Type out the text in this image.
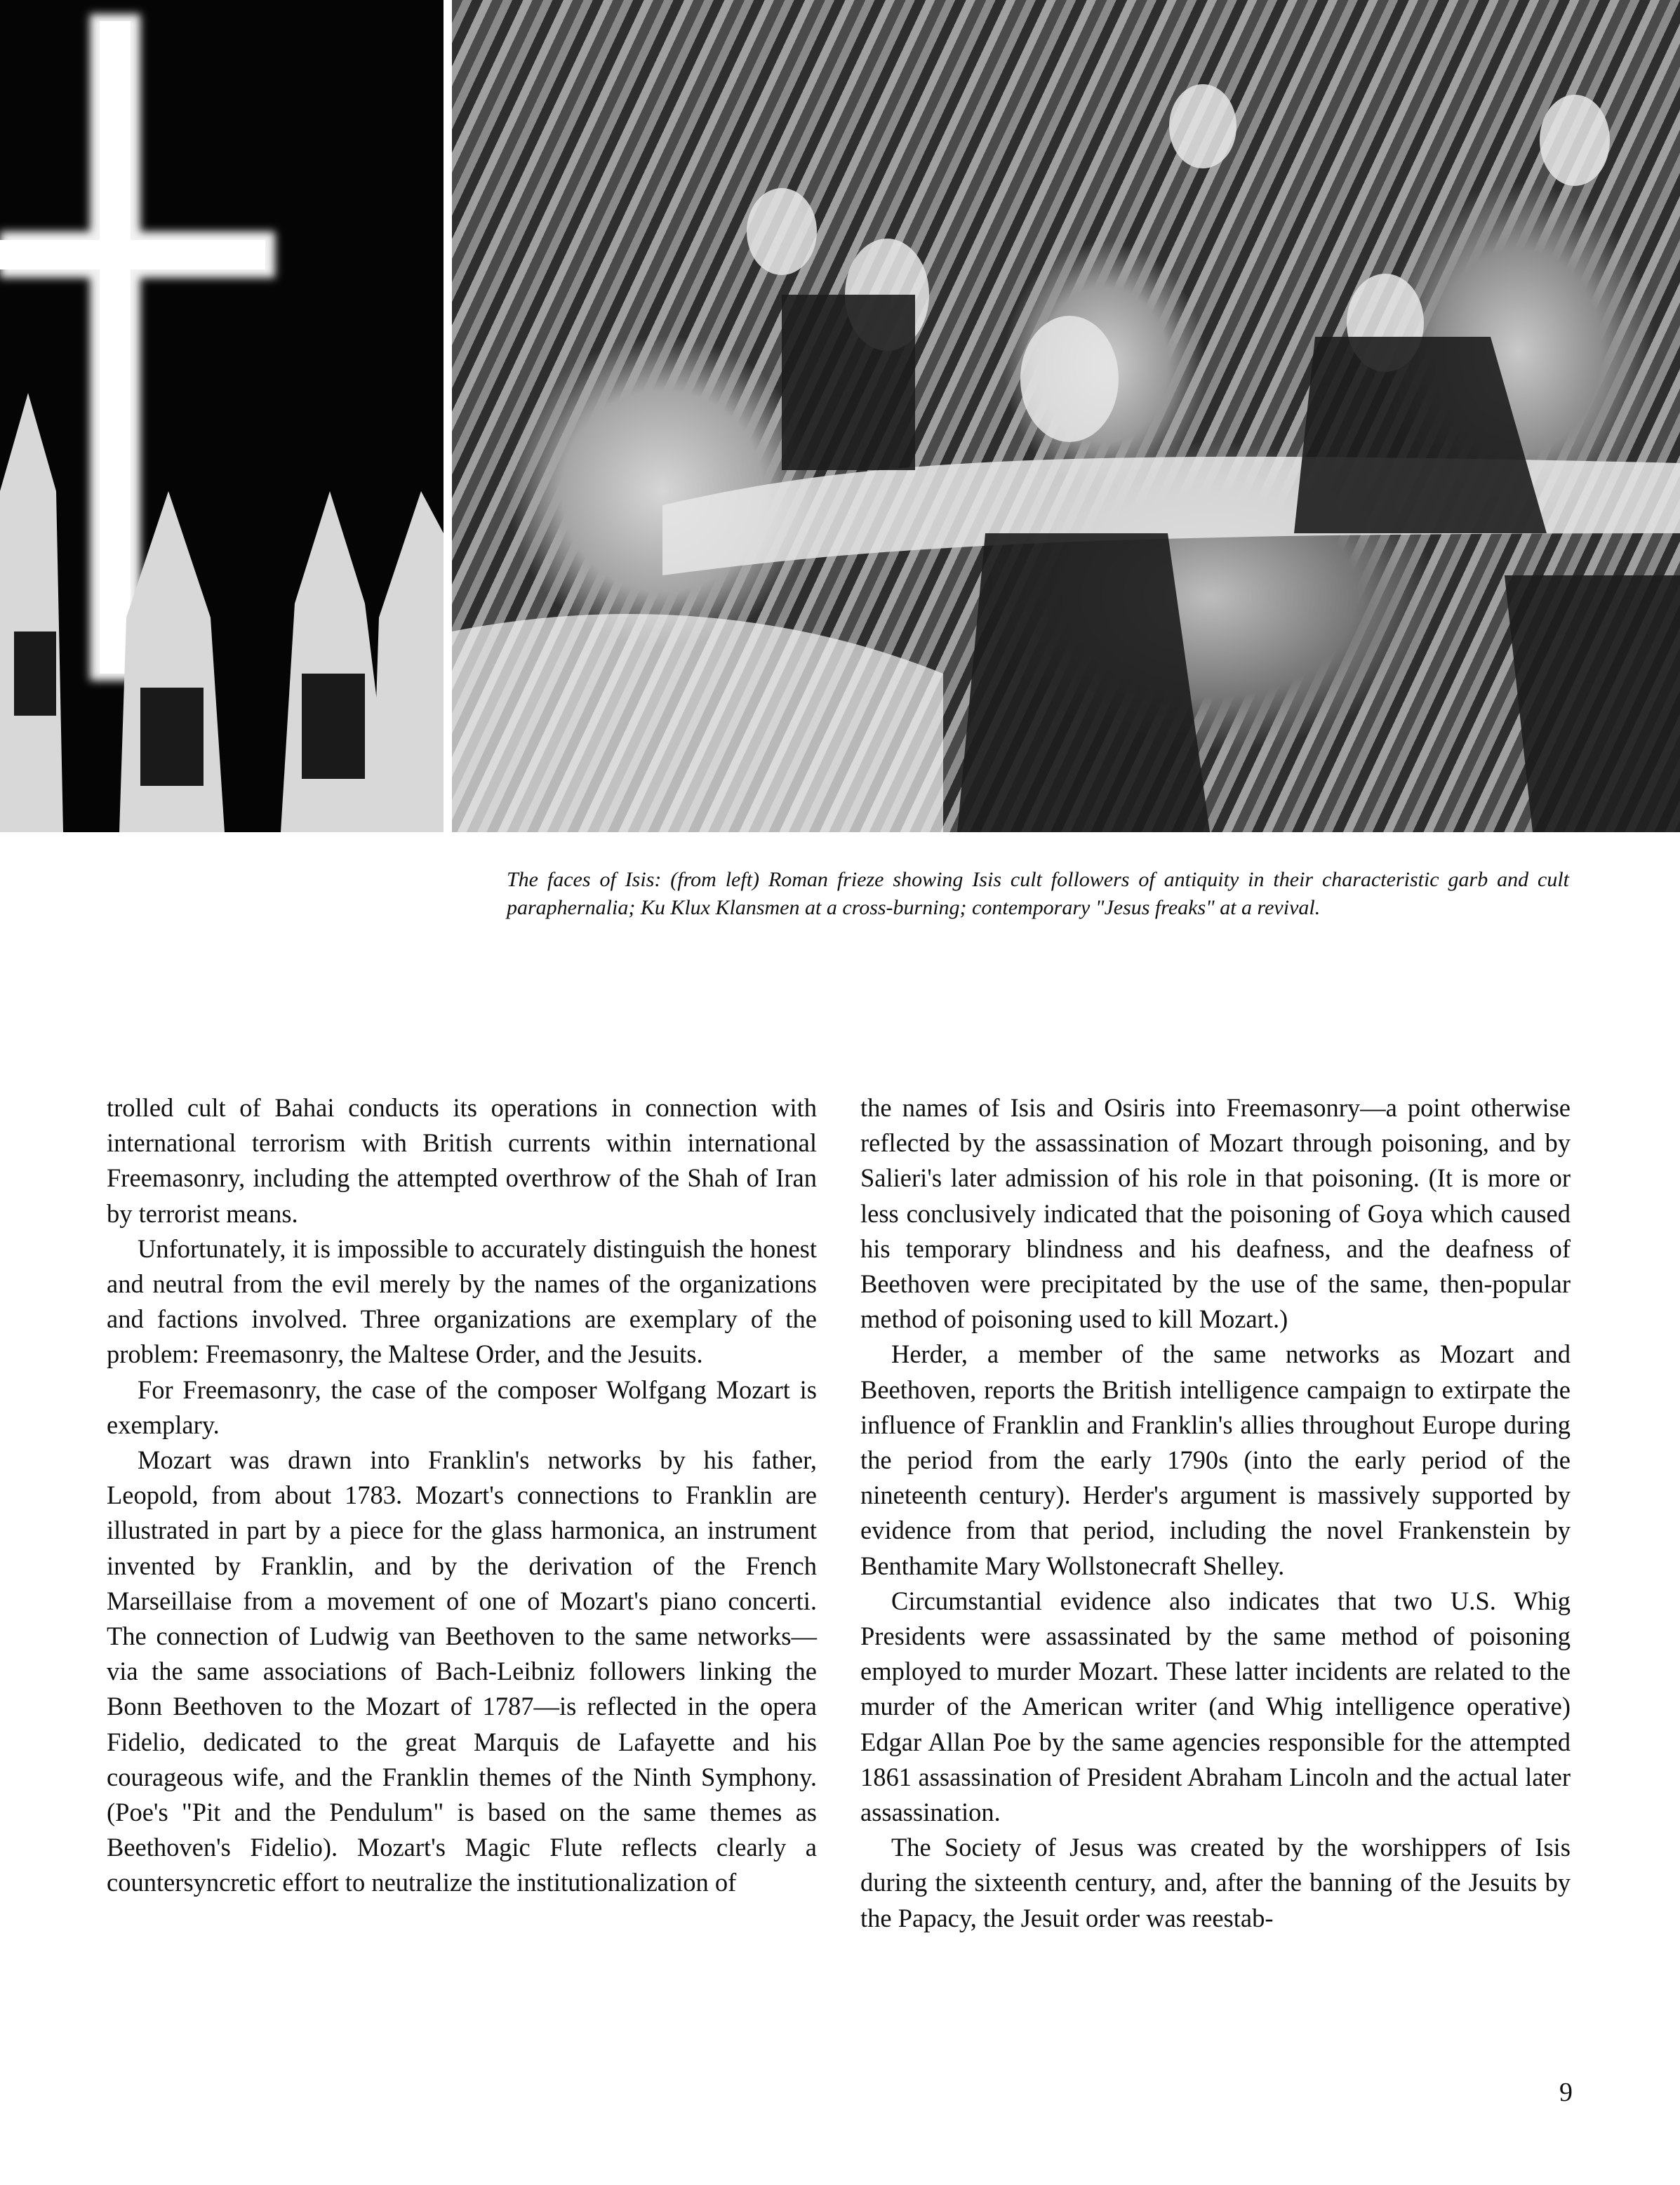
The faces of Isis: (from left) Roman frieze showing Isis cult followers of antiquity in their characteristic garb and cult paraphernalia; Ku Klux Klansmen at a cross-burning; contemporary "Jesus freaks" at a revival.

trolled cult of Bahai conducts its operations in connection with international terrorism with British currents within international Freemasonry, including the attempted overthrow of the Shah of Iran by terrorist means.

Unfortunately, it is impossible to accurately distinguish the honest and neutral from the evil merely by the names of the organizations and factions involved. Three organizations are exemplary of the problem: Freemasonry, the Maltese Order, and the Jesuits.

For Freemasonry, the case of the composer Wolfgang Mozart is exemplary.

Mozart was drawn into Franklin's networks by his father, Leopold, from about 1783. Mozart's connections to Franklin are illustrated in part by a piece for the glass harmonica, an instrument invented by Franklin, and by the derivation of the French Marseillaise from a movement of one of Mozart's piano concerti. The connection of Ludwig van Beethoven to the same networks—via the same associations of Bach-Leibniz followers linking the Bonn Beethoven to the Mozart of 1787—is reflected in the opera Fidelio, dedicated to the great Marquis de Lafayette and his courageous wife, and the Franklin themes of the Ninth Symphony. (Poe's "Pit and the Pendulum" is based on the same themes as Beethoven's Fidelio). Mozart's Magic Flute reflects clearly a countersyncretic effort to neutralize the institutionalization of

the names of Isis and Osiris into Freemasonry—a point otherwise reflected by the assassination of Mozart through poisoning, and by Salieri's later admission of his role in that poisoning. (It is more or less conclusively indicated that the poisoning of Goya which caused his temporary blindness and his deafness, and the deafness of Beethoven were precipitated by the use of the same, then-popular method of poisoning used to kill Mozart.)

Herder, a member of the same networks as Mozart and Beethoven, reports the British intelligence campaign to extirpate the influence of Franklin and Franklin's allies throughout Europe during the period from the early 1790s (into the early period of the nineteenth century). Herder's argument is massively supported by evidence from that period, including the novel Frankenstein by Benthamite Mary Wollstonecraft Shelley.

Circumstantial evidence also indicates that two U.S. Whig Presidents were assassinated by the same method of poisoning employed to murder Mozart. These latter incidents are related to the murder of the American writer (and Whig intelligence operative) Edgar Allan Poe by the same agencies responsible for the attempted 1861 assassination of President Abraham Lincoln and the actual later assassination.

The Society of Jesus was created by the worshippers of Isis during the sixteenth century, and, after the banning of the Jesuits by the Papacy, the Jesuit order was reestab-

9
